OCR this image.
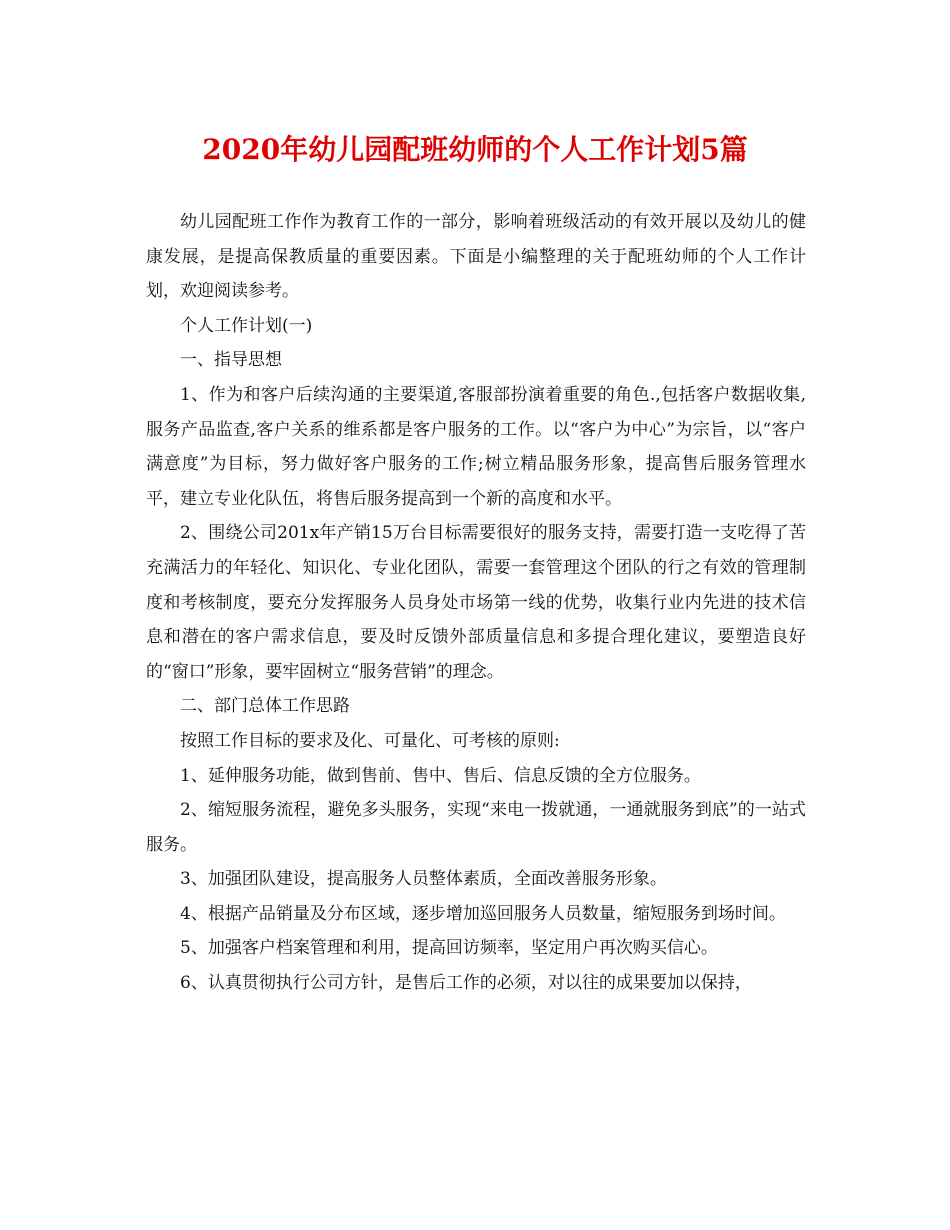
2020年幼儿园配班幼师的个人工作计划5篇

幼儿园配班工作作为教育工作的一部分，影响着班级活动的有效开展以及幼儿的健康发展，是提高保教质量的重要因素。下面是小编整理的关于配班幼师的个人工作计划，欢迎阅读参考。

个人工作计划(一)

一、指导思想

1、作为和客户后续沟通的主要渠道,客服部扮演着重要的角色.,包括客户数据收集,服务产品监查,客户关系的维系都是客户服务的工作。以“客户为中心”为宗旨，以“客户满意度”为目标，努力做好客户服务的工作;树立精品服务形象，提高售后服务管理水平，建立专业化队伍，将售后服务提高到一个新的高度和水平。

2、围绕公司201x年产销15万台目标需要很好的服务支持，需要打造一支吃得了苦充满活力的年轻化、知识化、专业化团队，需要一套管理这个团队的行之有效的管理制度和考核制度，要充分发挥服务人员身处市场第一线的优势，收集行业内先进的技术信息和潜在的客户需求信息，要及时反馈外部质量信息和多提合理化建议，要塑造良好的“窗口”形象，要牢固树立“服务营销”的理念。

二、部门总体工作思路

按照工作目标的要求及化、可量化、可考核的原则:

1、延伸服务功能，做到售前、售中、售后、信息反馈的全方位服务。

2、缩短服务流程，避免多头服务，实现“来电一拨就通，一通就服务到底”的一站式服务。

3、加强团队建设，提高服务人员整体素质，全面改善服务形象。

4、根据产品销量及分布区域，逐步增加巡回服务人员数量，缩短服务到场时间。

5、加强客户档案管理和利用，提高回访频率，坚定用户再次购买信心。

6、认真贯彻执行公司方针，是售后工作的必须，对以往的成果要加以保持，
